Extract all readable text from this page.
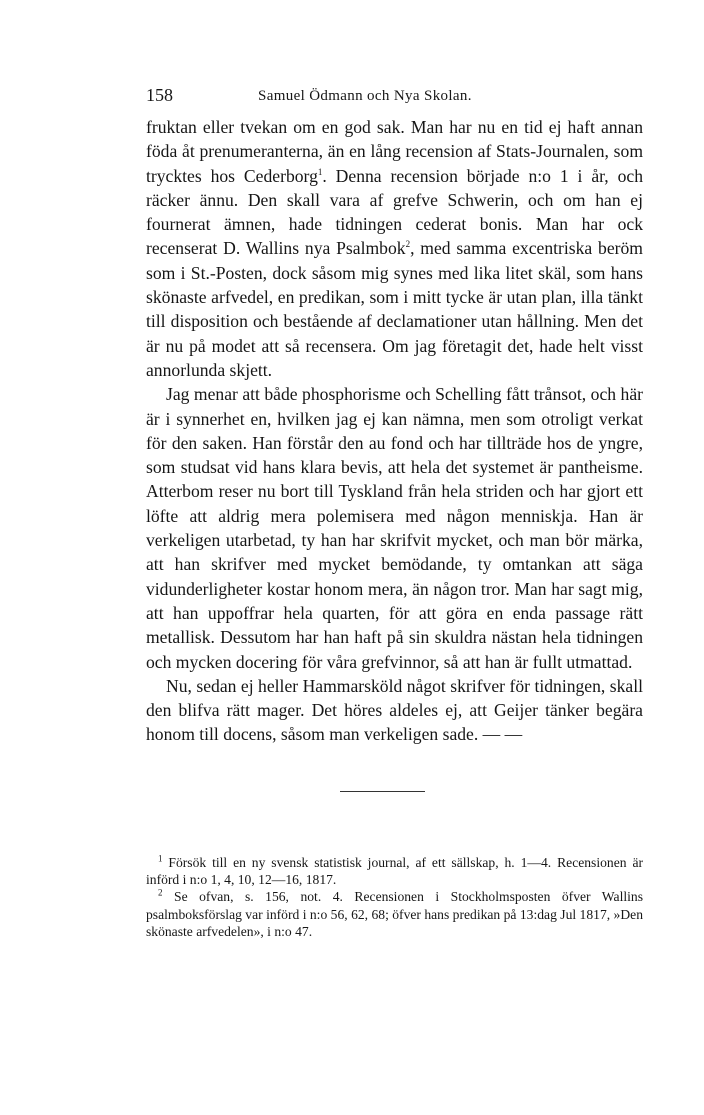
158	Samuel Ödmann och Nya Skolan.

fruktan eller tvekan om en god sak. Man har nu en tid ej haft annan föda åt prenumeranterna, än en lång recension af Stats-Journalen, som trycktes hos Cederborg$^1$. Denna recension började n:o 1 i år, och räcker ännu. Den skall vara af grefve Schwerin, och om han ej fournerat ämnen, hade tidningen cederat bonis. Man har ock recenserat D. Wallins nya Psalmbok$^2$, med samma excentriska beröm som i St.-Posten, dock såsom mig synes med lika litet skäl, som hans skönaste arfvedel, en predikan, som i mitt tycke är utan plan, illa tänkt till disposition och bestående af declamationer utan hållning. Men det är nu på modet att så recensera. Om jag företagit det, hade helt visst annorlunda skjett.

Jag menar att både phosphorisme och Schelling fått trånsot, och här är i synnerhet en, hvilken jag ej kan nämna, men som otroligt verkat för den saken. Han förstår den au fond och har tillträde hos de yngre, som studsat vid hans klara bevis, att hela det systemet är pantheisme. Atterbom reser nu bort till Tyskland från hela striden och har gjort ett löfte att aldrig mera polemisera med någon menniskja. Han är verkeligen utarbetad, ty han har skrifvit mycket, och man bör märka, att han skrifver med mycket bemödande, ty omtankan att säga vidunderligheter kostar honom mera, än någon tror. Man har sagt mig, att han uppoffrar hela quarten, för att göra en enda passage rätt metallisk. Dessutom har han haft på sin skuldra nästan hela tidningen och mycken docering för våra grefvinnor, så att han är fullt utmattad.

Nu, sedan ej heller Hammarsköld något skrifver för tidningen, skall den blifva rätt mager. Det höres aldeles ej, att Geijer tänker begära honom till docens, såsom man verkeligen sade. — —

$^1$ Försök till en ny svensk statistisk journal, af ett sällskap, h. 1—4. Recensionen är införd i n:o 1, 4, 10, 12—16, 1817.

$^2$ Se ofvan, s. 156, not. 4. Recensionen i Stockholmsposten öfver Wallins psalmboksförslag var införd i n:o 56, 62, 68; öfver hans predikan på 13:dag Jul 1817, »Den skönaste arfvedelen», i n:o 47.
